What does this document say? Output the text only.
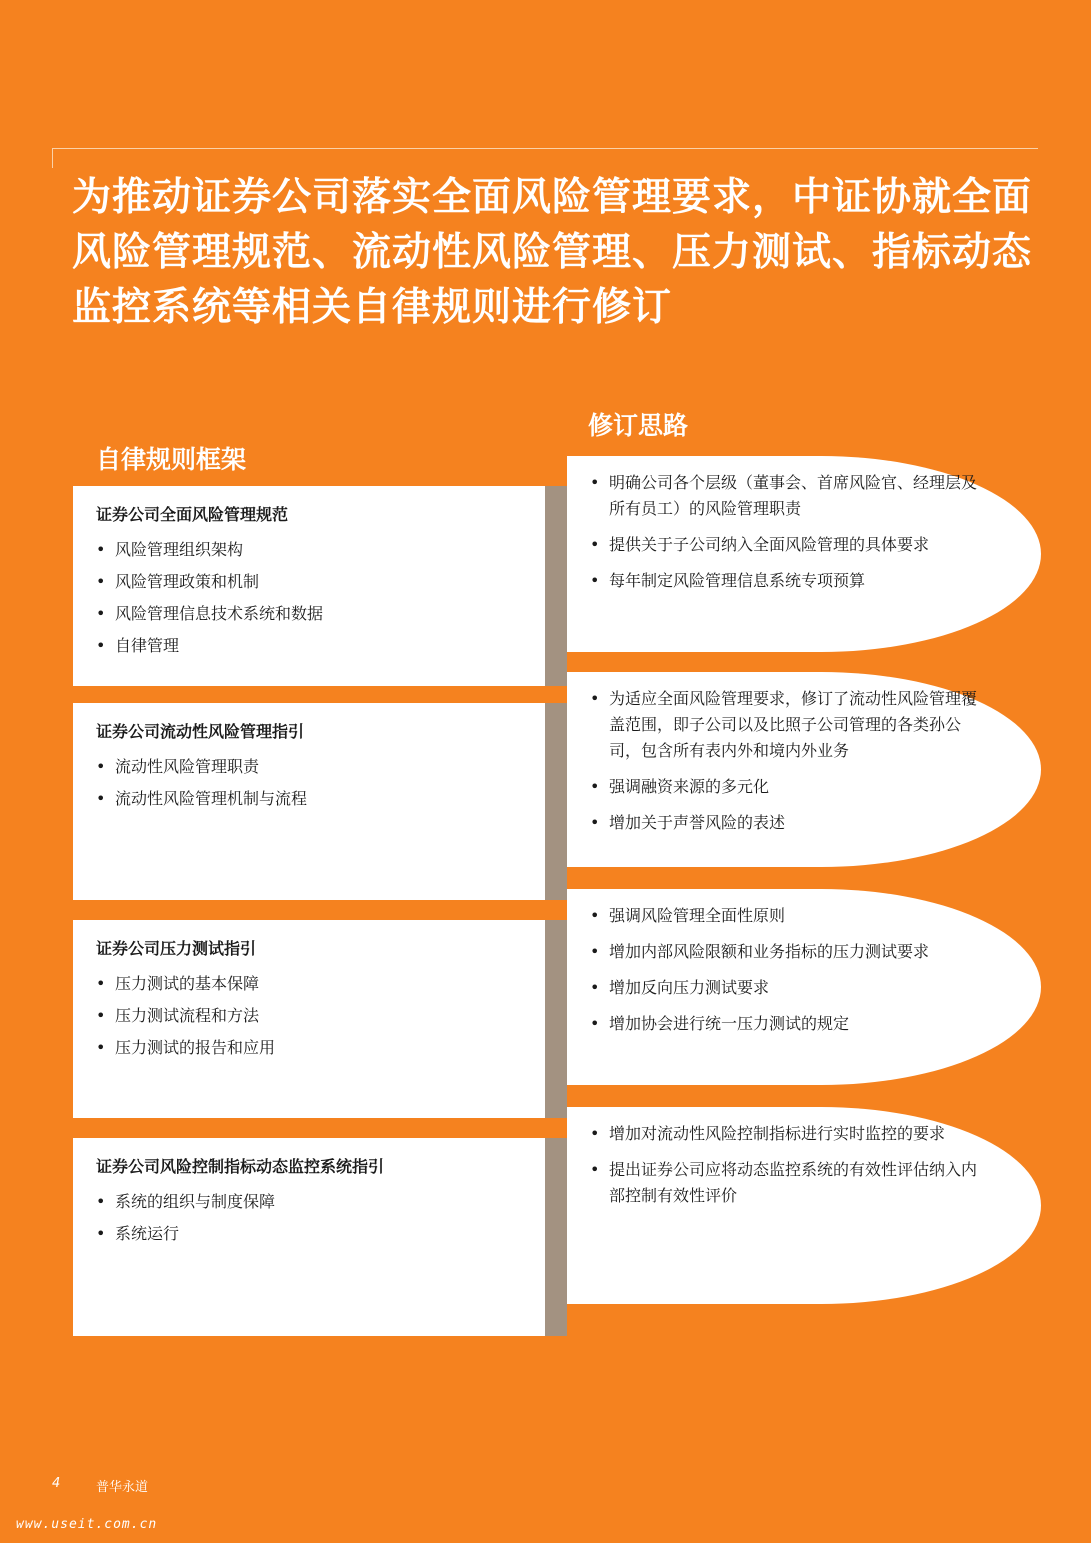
为推动证券公司落实全面风险管理要求，中证协就全面风险管理规范、流动性风险管理、压力测试、指标动态监控系统等相关自律规则进行修订
自律规则框架
修订思路
证券公司全面风险管理规范
• 风险管理组织架构
• 风险管理政策和机制
• 风险管理信息技术系统和数据
• 自律管理
证券公司流动性风险管理指引
• 流动性风险管理职责
• 流动性风险管理机制与流程
证券公司压力测试指引
• 压力测试的基本保障
• 压力测试流程和方法
• 压力测试的报告和应用
证券公司风险控制指标动态监控系统指引
• 系统的组织与制度保障
• 系统运行
• 明确公司各个层级（董事会、首席风险官、经理层及所有员工）的风险管理职责
• 提供关于子公司纳入全面风险管理的具体要求
• 每年制定风险管理信息系统专项预算
• 为适应全面风险管理要求，修订了流动性风险管理覆盖范围，即子公司以及比照子公司管理的各类孙公司，包含所有表内外和境内外业务
• 强调融资来源的多元化
• 增加关于声誉风险的表述
• 强调风险管理全面性原则
• 增加内部风险限额和业务指标的压力测试要求
• 增加反向压力测试要求
• 增加协会进行统一压力测试的规定
• 增加对流动性风险控制指标进行实时监控的要求
• 提出证券公司应将动态监控系统的有效性评估纳入内部控制有效性评价
4	普华永道
www.useit.com.cn
